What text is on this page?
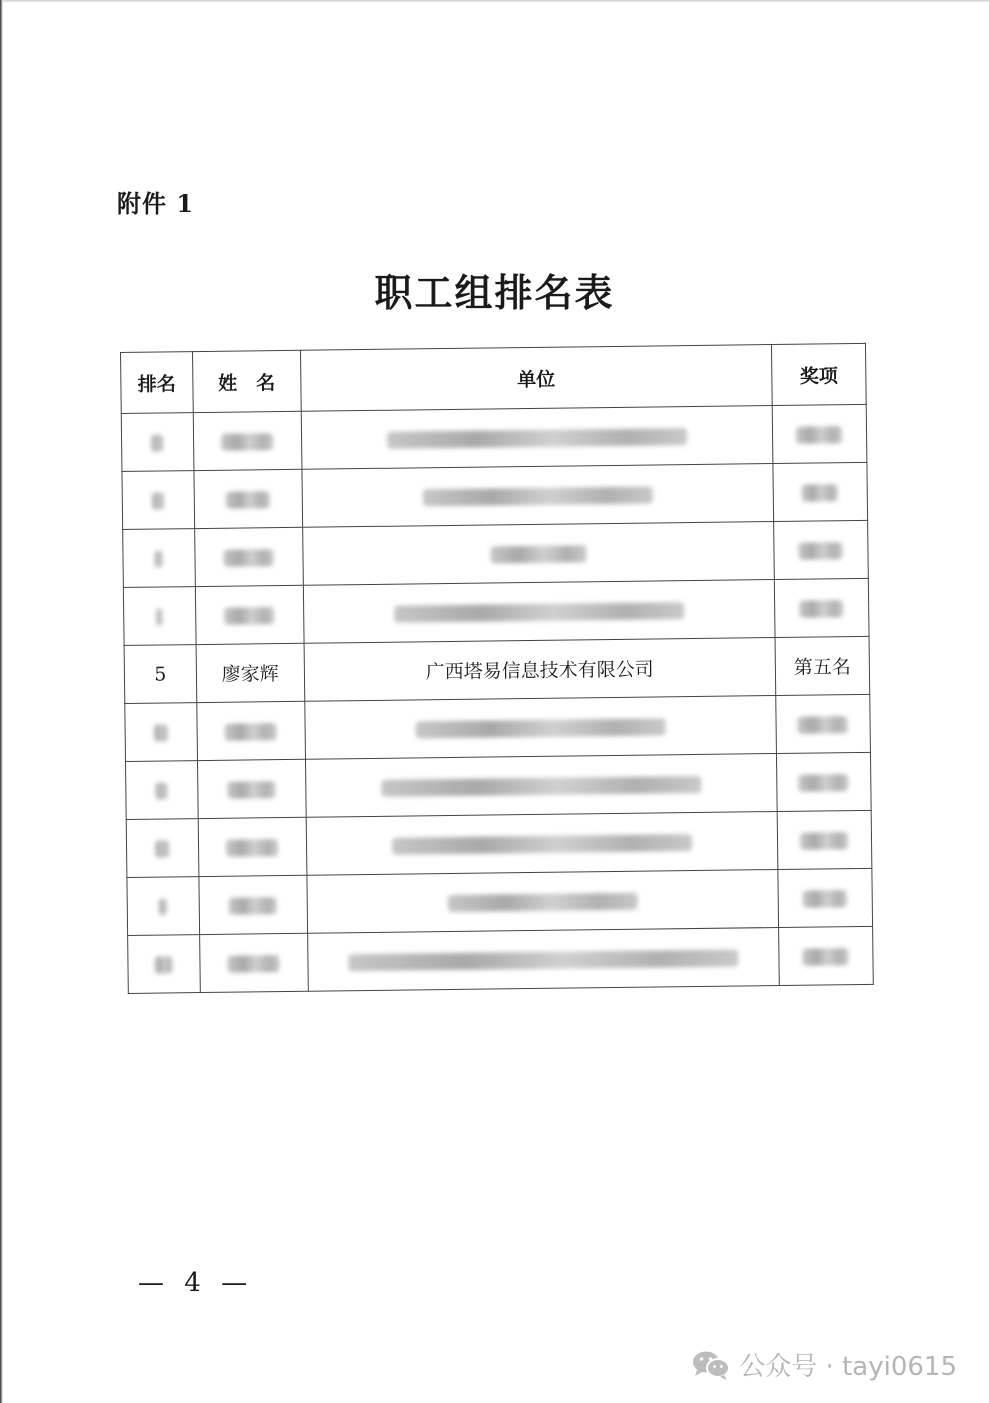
附件 1
职工组排名表
排名	姓　名	单位	奖项

5	廖家辉	广西塔易信息技术有限公司	第五名

— 4 —
公众号 · tayi0615
